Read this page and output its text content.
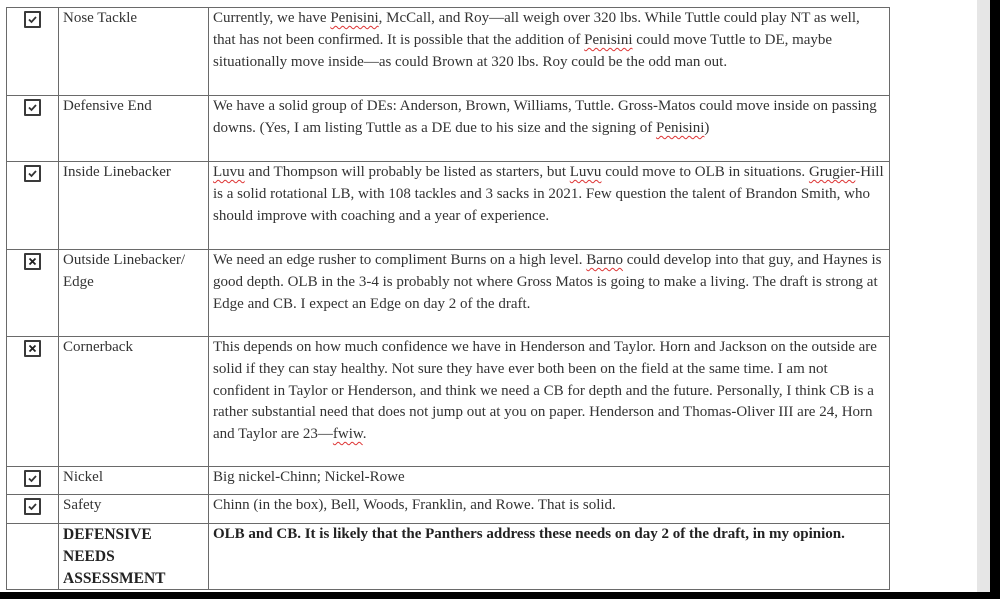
	Nose Tackle	Currently, we have Penisini, McCall, and Roy—all weigh over 320 lbs. While Tuttle could play NT as well, that has not been confirmed. It is possible that the addition of Penisini could move Tuttle to DE, maybe situationally move inside—as could Brown at 320 lbs. Roy could be the odd man out.

	Defensive End	We have a solid group of DEs: Anderson, Brown, Williams, Tuttle. Gross-Matos could move inside on passing downs. (Yes, I am listing Tuttle as a DE due to his size and the signing of Penisini)

	Inside Linebacker	Luvu and Thompson will probably be listed as starters, but Luvu could move to OLB in situations. Grugier-Hill is a solid rotational LB, with 108 tackles and 3 sacks in 2021. Few question the talent of Brandon Smith, who should improve with coaching and a year of experience.

	Outside Linebacker/ Edge	We need an edge rusher to compliment Burns on a high level. Barno could develop into that guy, and Haynes is good depth. OLB in the 3-4 is probably not where Gross Matos is going to make a living. The draft is strong at Edge and CB. I expect an Edge on day 2 of the draft.

	Cornerback	This depends on how much confidence we have in Henderson and Taylor. Horn and Jackson on the outside are solid if they can stay healthy. Not sure they have ever both been on the field at the same time. I am not confident in Taylor or Henderson, and think we need a CB for depth and the future. Personally, I think CB is a rather substantial need that does not jump out at you on paper. Henderson and Thomas-Oliver III are 24, Horn and Taylor are 23—fwiw.

	Nickel	Big nickel-Chinn; Nickel-Rowe

	Safety	Chinn (in the box), Bell, Woods, Franklin, and Rowe. That is solid.
	DEFENSIVE NEEDS ASSESSMENT	OLB and CB. It is likely that the Panthers address these needs on day 2 of the draft, in my opinion.
